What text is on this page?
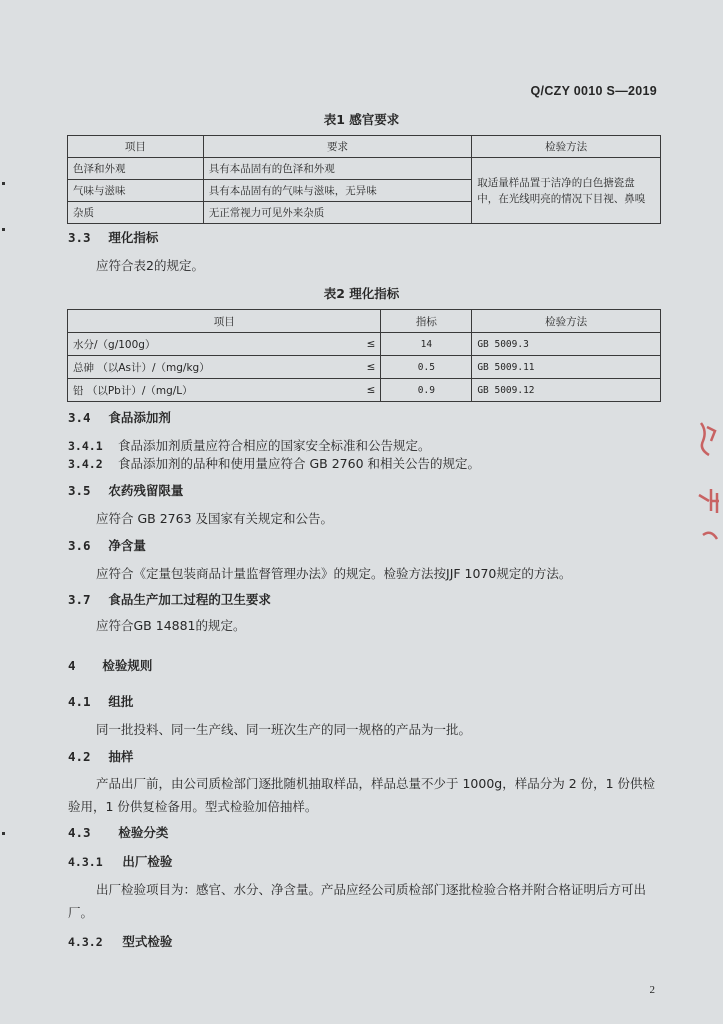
Q/CZY 0010 S—2019
表1 感官要求
项目	要求	检验方法
色泽和外观	具有本品固有的色泽和外观	取适量样品置于洁净的白色搪瓷盘中，在光线明亮的情况下目视、鼻嗅
气味与滋味	具有本品固有的气味与滋味，无异味	
杂质	无正常视力可见外来杂质	
3.3 理化指标
应符合表2的规定。
表2 理化指标
项目		指标	检验方法
水分/（g/100g）	≤	14	GB 5009.3
总砷 （以As计）/（mg/kg）	≤	0.5	GB 5009.11
铅 （以Pb计）/（mg/L）	≤	0.9	GB 5009.12
3.4 食品添加剂
3.4.1 食品添加剂质量应符合相应的国家安全标准和公告规定。
3.4.2 食品添加剂的品种和使用量应符合 GB 2760 和相关公告的规定。
3.5 农药残留限量
应符合 GB 2763 及国家有关规定和公告。
3.6 净含量
应符合《定量包装商品计量监督管理办法》的规定。检验方法按JJF 1070规定的方法。
3.7 食品生产加工过程的卫生要求
应符合GB 14881的规定。
4 检验规则
4.1 组批
同一批投料、同一生产线、同一班次生产的同一规格的产品为一批。
4.2 抽样
产品出厂前，由公司质检部门逐批随机抽取样品，样品总量不少于 1000g，样品分为 2 份，1 份供检验用，1 份供复检备用。型式检验加倍抽样。
4.3 检验分类
4.3.1 出厂检验
出厂检验项目为：感官、水分、净含量。产品应经公司质检部门逐批检验合格并附合格证明后方可出厂。
4.3.2 型式检验
2
